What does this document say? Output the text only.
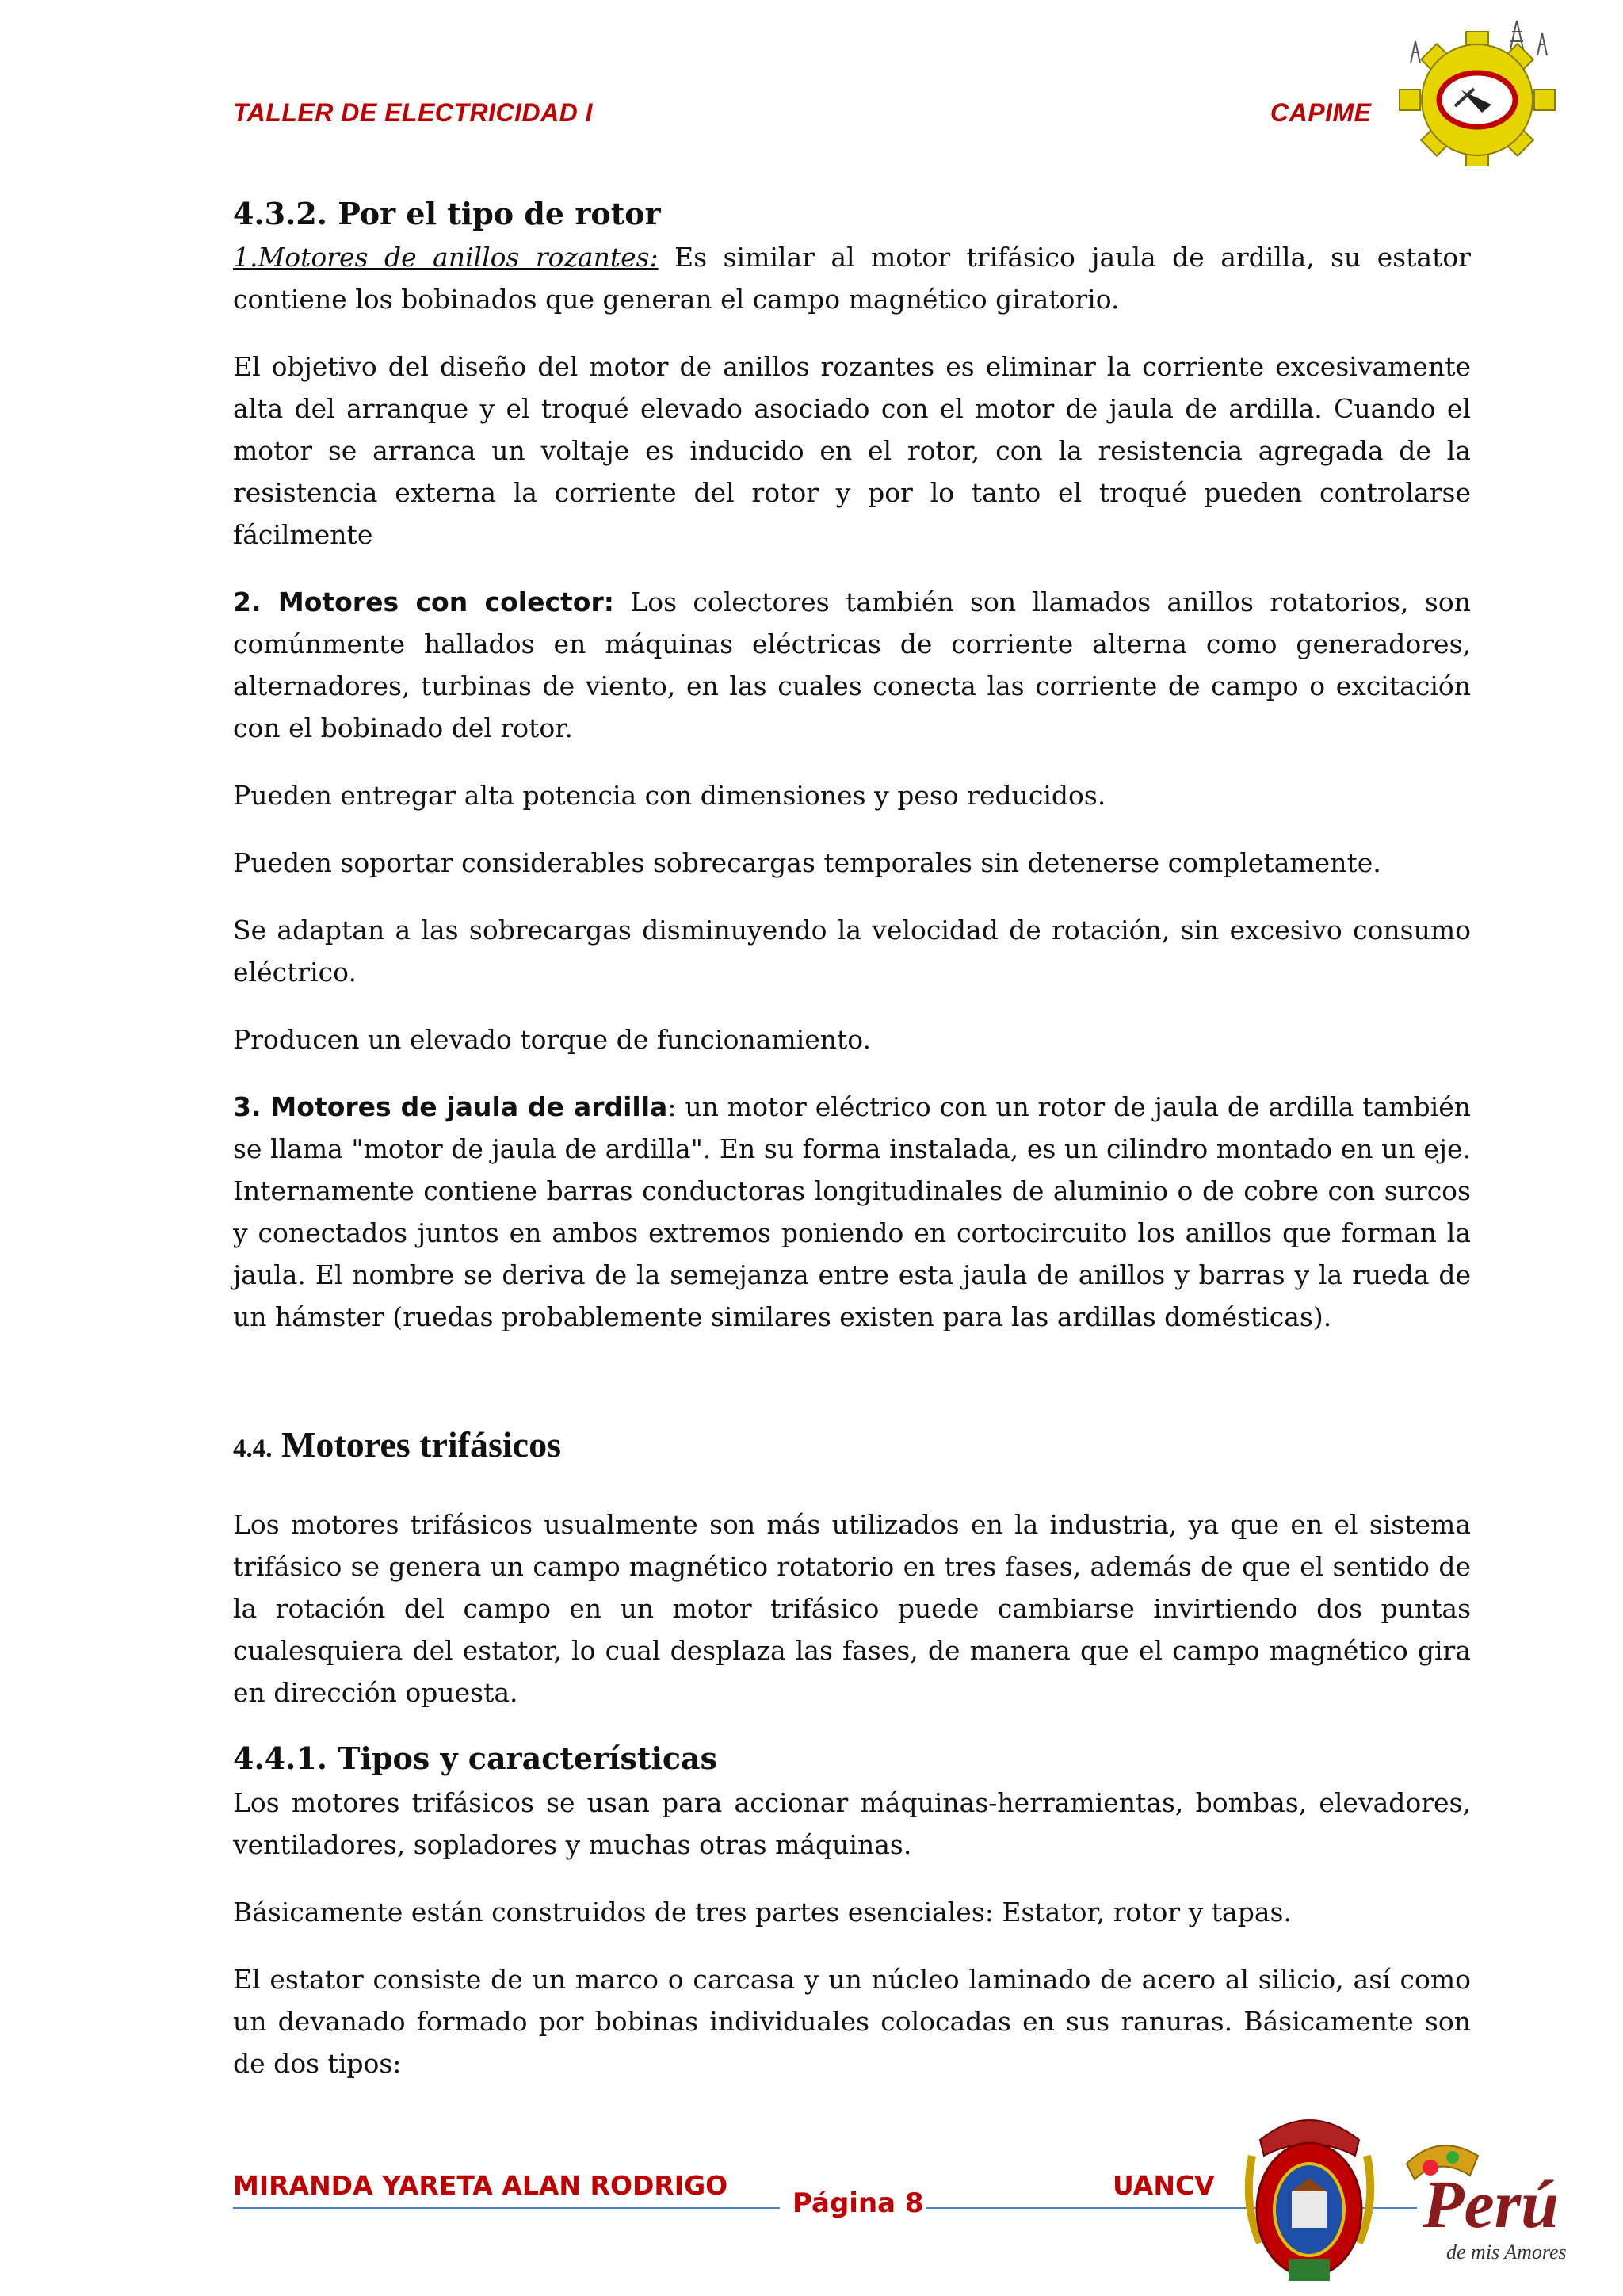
TALLER DE ELECTRICIDAD I	CAPIME
4.3.2. Por el tipo de rotor

1.Motores de anillos rozantes: Es similar al motor trifásico jaula de ardilla, su estator contiene los bobinados que generan el campo magnético giratorio.

El objetivo del diseño del motor de anillos rozantes es eliminar la corriente excesivamente alta del arranque y el troqué elevado asociado con el motor de jaula de ardilla. Cuando el motor se arranca un voltaje es inducido en el rotor, con la resistencia agregada de la resistencia externa la corriente del rotor y por lo tanto el troqué pueden controlarse fácilmente

2. Motores con colector: Los colectores también son llamados anillos rotatorios, son comúnmente hallados en máquinas eléctricas de corriente alterna como generadores, alternadores, turbinas de viento, en las cuales conecta las corriente de campo o excitación con el bobinado del rotor.

Pueden entregar alta potencia con dimensiones y peso reducidos.

Pueden soportar considerables sobrecargas temporales sin detenerse completamente.

Se adaptan a las sobrecargas disminuyendo la velocidad de rotación, sin excesivo consumo eléctrico.

Producen un elevado torque de funcionamiento.

3. Motores de jaula de ardilla: un motor eléctrico con un rotor de jaula de ardilla también se llama "motor de jaula de ardilla". En su forma instalada, es un cilindro montado en un eje. Internamente contiene barras conductoras longitudinales de aluminio o de cobre con surcos y conectados juntos en ambos extremos poniendo en cortocircuito los anillos que forman la jaula. El nombre se deriva de la semejanza entre esta jaula de anillos y barras y la rueda de un hámster (ruedas probablemente similares existen para las ardillas domésticas).

4.4. Motores trifásicos

Los motores trifásicos usualmente son más utilizados en la industria, ya que en el sistema trifásico se genera un campo magnético rotatorio en tres fases, además de que el sentido de la rotación del campo en un motor trifásico puede cambiarse invirtiendo dos puntas cualesquiera del estator, lo cual desplaza las fases, de manera que el campo magnético gira en dirección opuesta.

4.4.1. Tipos y características

Los motores trifásicos se usan para accionar máquinas-herramientas, bombas, elevadores, ventiladores, sopladores y muchas otras máquinas.

Básicamente están construidos de tres partes esenciales: Estator, rotor y tapas.

El estator consiste de un marco o carcasa y un núcleo laminado de acero al silicio, así como un devanado formado por bobinas individuales colocadas en sus ranuras. Básicamente son de dos tipos:

MIRANDA YARETA ALAN RODRIGO	UANCV
Página 8	Perú
de mis Amores
